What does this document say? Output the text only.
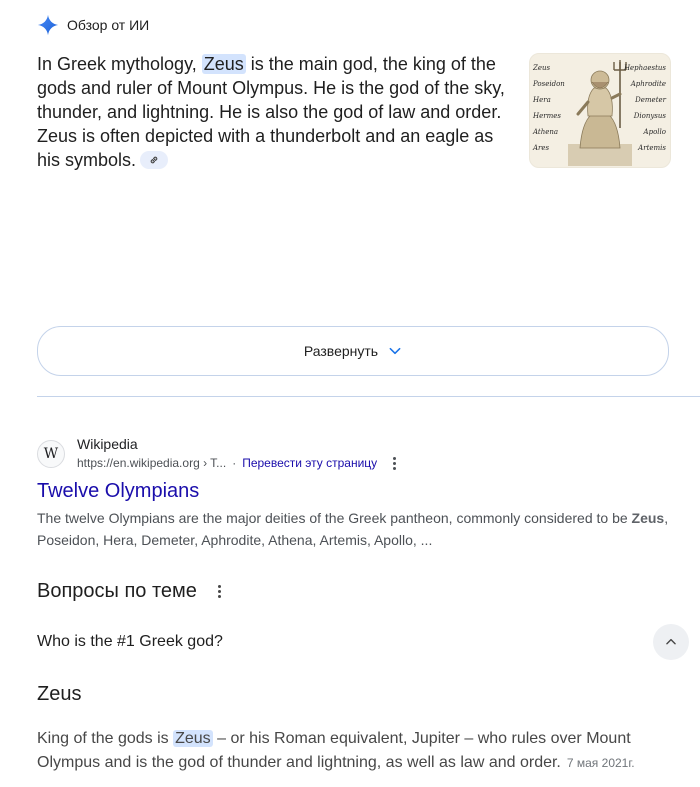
Обзор от ИИ
In Greek mythology, Zeus is the main god, the king of the gods and ruler of Mount Olympus. He is the god of the sky, thunder, and lightning. He is also the god of law and order. Zeus is often depicted with a thunderbolt and an eagle as his symbols.
Zeus
Poseidon
Hera
Hermes
Athena
Ares
Hephaestus
Aphrodite
Demeter
Dionysus
Apollo
Artemis
Развернуть
W
Wikipedia
https://en.wikipedia.org › T... · Перевести эту страницу
Twelve Olympians
The twelve Olympians are the major deities of the Greek pantheon, commonly considered to be Zeus, Poseidon, Hera, Demeter, Aphrodite, Athena, Artemis, Apollo, ...
Вопросы по теме
Who is the #1 Greek god?
Zeus
King of the gods is Zeus – or his Roman equivalent, Jupiter – who rules over Mount Olympus and is the god of thunder and lightning, as well as law and order. 7 мая 2021г.
